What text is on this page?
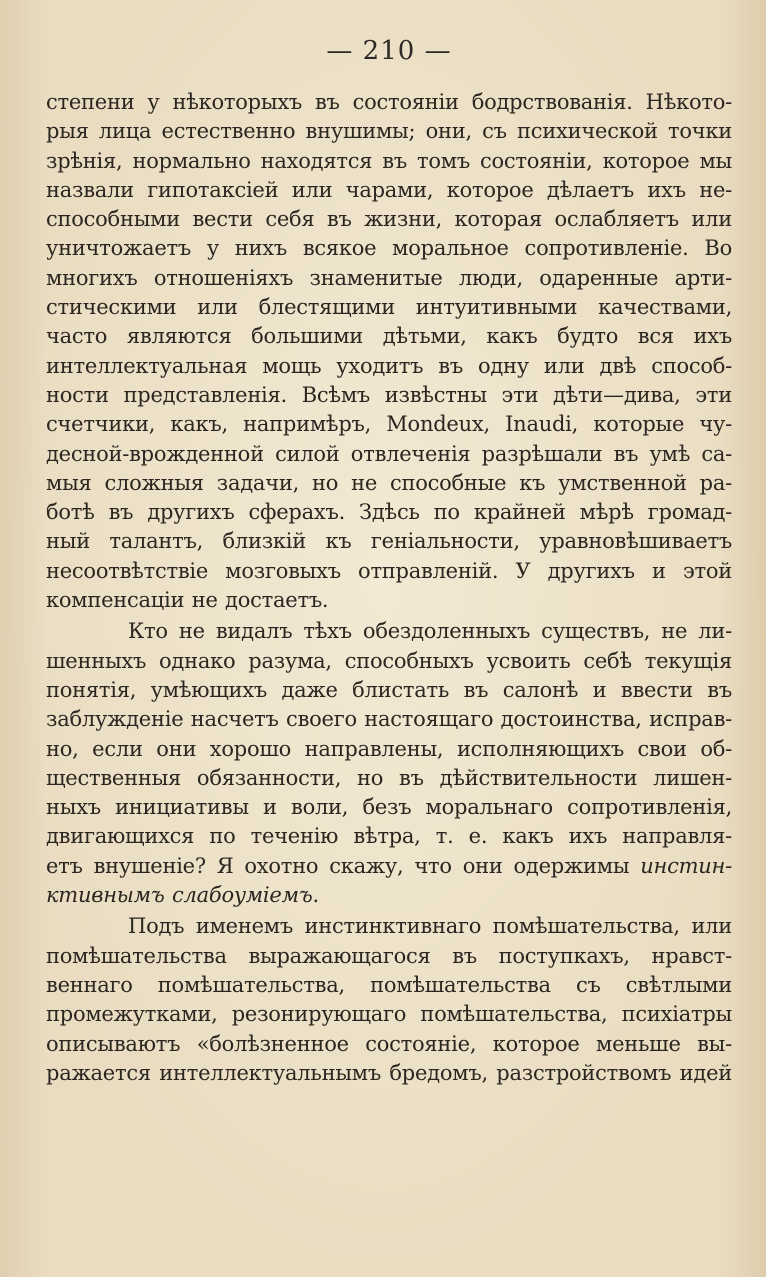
— 210 —
степени у нѣкоторыхъ въ состояніи бодрствованія. Нѣкото-
рыя лица естественно внушимы; они, съ психической точки
зрѣнія, нормально находятся въ томъ состояніи, которое мы
назвали гипотаксіей или чарами, которое дѣлаетъ ихъ не-
способными вести себя въ жизни, которая ослабляетъ или
уничтожаетъ у нихъ всякое моральное сопротивленіе. Во
многихъ отношеніяхъ знаменитые люди, одаренные арти-
стическими или блестящими интуитивными качествами,
часто являются большими дѣтьми, какъ будто вся ихъ
интеллектуальная мощь уходитъ въ одну или двѣ способ-
ности представленія. Всѣмъ извѣстны эти дѣти—дива, эти
счетчики, какъ, напримѣръ, Mondeux, Inaudi, которые чу-
десной-врожденной силой отвлеченія разрѣшали въ умѣ са-
мыя сложныя задачи, но не способные къ умственной ра-
ботѣ въ другихъ сферахъ. Здѣсь по крайней мѣрѣ громад-
ный талантъ, близкій къ геніальности, уравновѣшиваетъ
несоотвѣтствіе мозговыхъ отправленій. У другихъ и этой
компенсаціи не достаетъ.
Кто не видалъ тѣхъ обездоленныхъ существъ, не ли-
шенныхъ однако разума, способныхъ усвоить себѣ текущія
понятія, умѣющихъ даже блистать въ салонѣ и ввести въ
заблужденіе насчетъ своего настоящаго достоинства, исправ-
но, если они хорошо направлены, исполняющихъ свои об-
щественныя обязанности, но въ дѣйствительности лишен-
ныхъ инициативы и воли, безъ моральнаго сопротивленія,
двигающихся по теченію вѣтра, т. е. какъ ихъ направля-
етъ внушеніе? Я охотно скажу, что они одержимы инстин-
ктивнымъ слабоуміемъ.
Подъ именемъ инстинктивнаго помѣшательства, или
помѣшательства выражающагося въ поступкахъ, нравст-
веннаго помѣшательства, помѣшательства съ свѣтлыми
промежутками, резонирующаго помѣшательства, психіатры
описываютъ «болѣзненное состояніе, которое меньше вы-
ражается интеллектуальнымъ бредомъ, разстройствомъ идей
